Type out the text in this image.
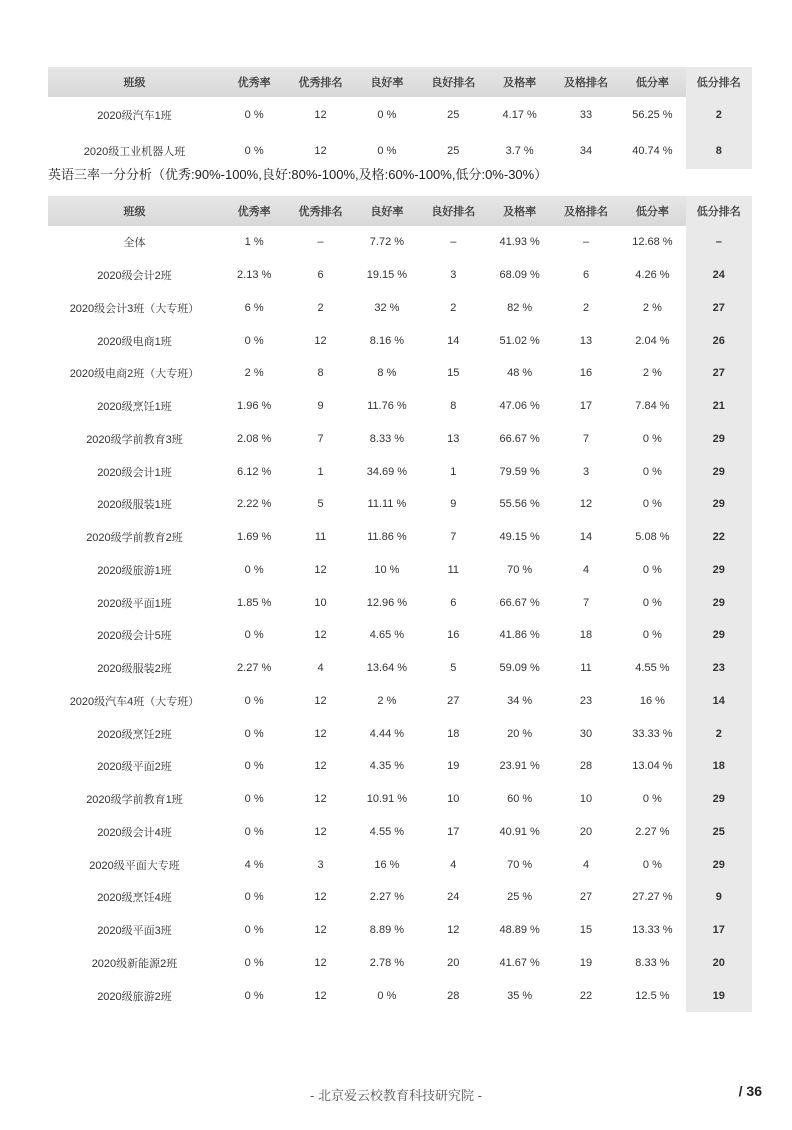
班级	优秀率	优秀排名	良好率	良好排名	及格率	及格排名	低分率	低分排名
2020级汽车1班	0 %	12	0 %	25	4.17 %	33	56.25 %	2
2020级工业机器人班	0 %	12	0 %	25	3.7 %	34	40.74 %	8
英语三率一分分析（优秀:90%-100%,良好:80%-100%,及格:60%-100%,低分:0%-30%）
班级	优秀率	优秀排名	良好率	良好排名	及格率	及格排名	低分率	低分排名
全体	1 %	–	7.72 %	–	41.93 %	–	12.68 %	–
2020级会计2班	2.13 %	6	19.15 %	3	68.09 %	6	4.26 %	24
2020级会计3班（大专班）	6 %	2	32 %	2	82 %	2	2 %	27
2020级电商1班	0 %	12	8.16 %	14	51.02 %	13	2.04 %	26
2020级电商2班（大专班）	2 %	8	8 %	15	48 %	16	2 %	27
2020级烹饪1班	1.96 %	9	11.76 %	8	47.06 %	17	7.84 %	21
2020级学前教育3班	2.08 %	7	8.33 %	13	66.67 %	7	0 %	29
2020级会计1班	6.12 %	1	34.69 %	1	79.59 %	3	0 %	29
2020级服装1班	2.22 %	5	11.11 %	9	55.56 %	12	0 %	29
2020级学前教育2班	1.69 %	11	11.86 %	7	49.15 %	14	5.08 %	22
2020级旅游1班	0 %	12	10 %	11	70 %	4	0 %	29
2020级平面1班	1.85 %	10	12.96 %	6	66.67 %	7	0 %	29
2020级会计5班	0 %	12	4.65 %	16	41.86 %	18	0 %	29
2020级服装2班	2.27 %	4	13.64 %	5	59.09 %	11	4.55 %	23
2020级汽车4班（大专班）	0 %	12	2 %	27	34 %	23	16 %	14
2020级烹饪2班	0 %	12	4.44 %	18	20 %	30	33.33 %	2
2020级平面2班	0 %	12	4.35 %	19	23.91 %	28	13.04 %	18
2020级学前教育1班	0 %	12	10.91 %	10	60 %	10	0 %	29
2020级会计4班	0 %	12	4.55 %	17	40.91 %	20	2.27 %	25
2020级平面大专班	4 %	3	16 %	4	70 %	4	0 %	29
2020级烹饪4班	0 %	12	2.27 %	24	25 %	27	27.27 %	9
2020级平面3班	0 %	12	8.89 %	12	48.89 %	15	13.33 %	17
2020级新能源2班	0 %	12	2.78 %	20	41.67 %	19	8.33 %	20
2020级旅游2班	0 %	12	0 %	28	35 %	22	12.5 %	19
- 北京爱云校教育科技研究院 -	/ 36
